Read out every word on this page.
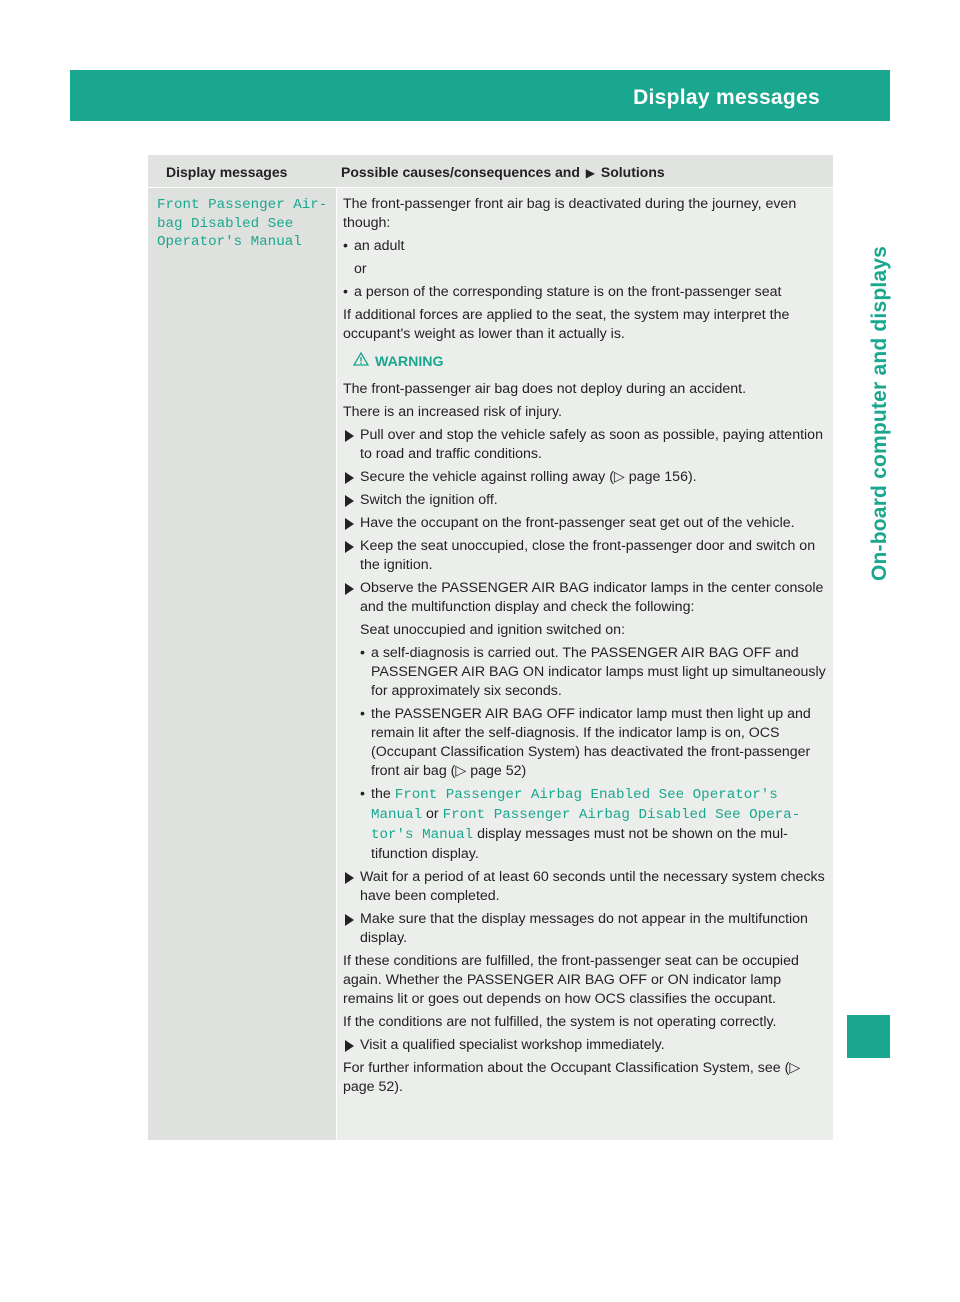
Display messages	253
On-board computer and displays
Display messages	Possible causes/consequences and ▶ Solutions
Front Passenger Air‐
bag Disabled See
Operator's Manual

The front-passenger front air bag is deactivated during the journey, even though:

• an adult

or

• a person of the corresponding stature is on the front-passenger seat

If additional forces are applied to the seat, the system may interpret the occupant's weight as lower than it actually is.

WARNING

The front-passenger air bag does not deploy during an accident.

There is an increased risk of injury.

Pull over and stop the vehicle safely as soon as possible, paying attention to road and traffic conditions.
Secure the vehicle against rolling away (▷ page 156).
Switch the ignition off.
Have the occupant on the front-passenger seat get out of the vehicle.
Keep the seat unoccupied, close the front-passenger door and switch on the ignition.
Observe the PASSENGER AIR BAG indicator lamps in the center console and the multifunction display and check the following:

Seat unoccupied and ignition switched on:

• a self-diagnosis is carried out. The PASSENGER AIR BAG OFF and PASSENGER AIR BAG ON indicator lamps must light up simultaneously for approximately six seconds.
• the PASSENGER AIR BAG OFF indicator lamp must then light up and remain lit after the self-diagnosis. If the indicator lamp is on, OCS (Occupant Classification System) has deactivated the front-passenger front air bag (▷ page 52)
• the Front Passenger Airbag Enabled See Operator's Manual or Front Passenger Airbag Disabled See Opera‐tor's Manual display messages must not be shown on the multifunction display.
Wait for a period of at least 60 seconds until the necessary system checks have been completed.
Make sure that the display messages do not appear in the multifunction display.

If these conditions are fulfilled, the front-passenger seat can be occupied again. Whether the PASSENGER AIR BAG OFF or ON indicator lamp remains lit or goes out depends on how OCS classifies the occupant.

If the conditions are not fulfilled, the system is not operating correctly.

Visit a qualified specialist workshop immediately.

For further information about the Occupant Classification System, see (▷ page 52).
